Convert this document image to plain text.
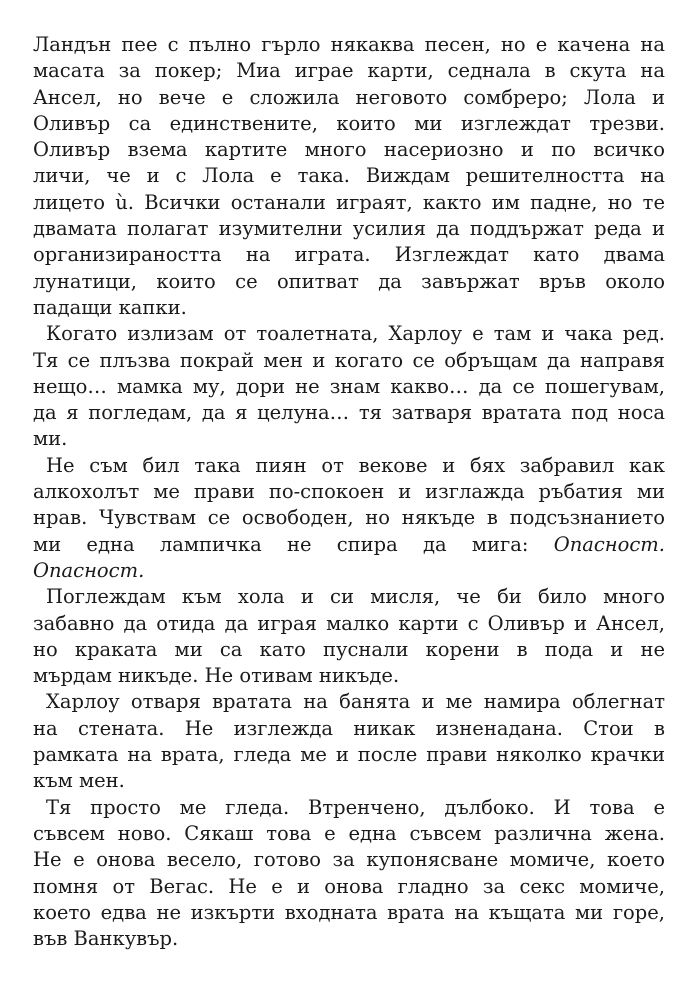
Ландън пее с пълно гърло някаква песен, но е качена на
масата за покер; Миа играе карти, седнала в скута на
Ансел, но вече е сложила неговото сомбреро; Лола и
Оливър са единствените, които ми изглеждат трезви.
Оливър взема картите много насериозно и по всичко
личи, че и с Лола е така. Виждам решителността на
лицето ù. Всички останали играят, както им падне, но те
двамата полагат изумителни усилия да поддържат реда и
организираността на играта. Изглеждат като двама
лунатици, които се опитват да завържат връв около
падащи капки.
Когато излизам от тоалетната, Харлоу е там и чака ред.
Тя се плъзва покрай мен и когато се обръщам да направя
нещо… мамка му, дори не знам какво… да се пошегувам,
да я погледам, да я целуна… тя затваря вратата под носа
ми.
Не съм бил така пиян от векове и бях забравил как
алкохолът ме прави по-спокоен и изглажда ръбатия ми
нрав. Чувствам се освободен, но някъде в подсъзнанието
ми една лампичка не спира да мига: Опасност.
Опасност.
Поглеждам към хола и си мисля, че би било много
забавно да отида да играя малко карти с Оливър и Ансел,
но краката ми са като пуснали корени в пода и не
мърдам никъде. Не отивам никъде.
Харлоу отваря вратата на банята и ме намира облегнат
на стената. Не изглежда никак изненадана. Стои в
рамката на врата, гледа ме и после прави няколко крачки
към мен.
Тя просто ме гледа. Втренчено, дълбоко. И това е
съвсем ново. Сякаш това е една съвсем различна жена.
Не е онова весело, готово за купонясване момиче, което
помня от Вегас. Не е и онова гладно за секс момиче,
което едва не изкърти входната врата на къщата ми горе,
във Ванкувър.
